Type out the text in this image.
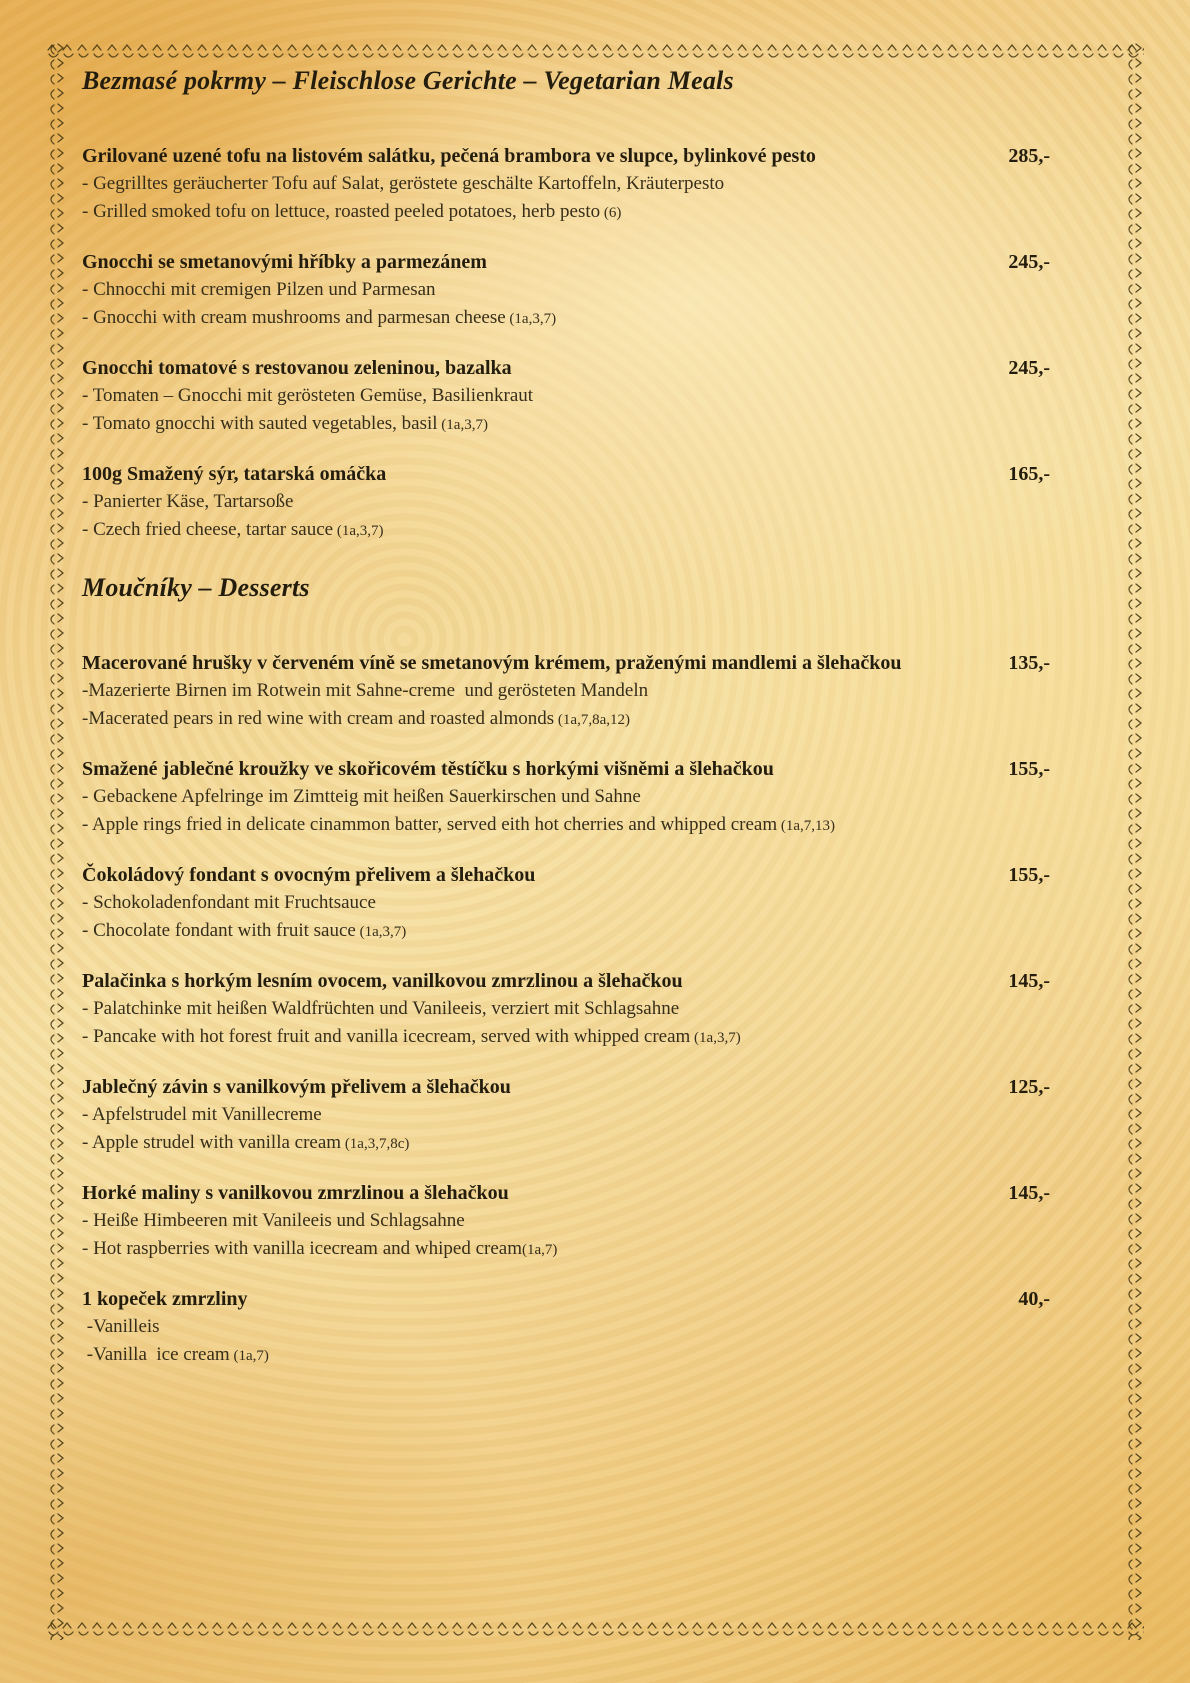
Bezmasé pokrmy – Fleischlose Gerichte – Vegetarian Meals
Grilované uzené tofu na listovém salátku, pečená brambora ve slupce, bylinkové pesto	285,-

- Gegrilltes geräucherter Tofu auf Salat, geröstete geschälte Kartoffeln, Kräuterpesto

- Grilled smoked tofu on lettuce, roasted peeled potatoes, herb pesto (6)

Gnocchi se smetanovými hříbky a parmezánem	245,-

- Chnocchi mit cremigen Pilzen und Parmesan

- Gnocchi with cream mushrooms and parmesan cheese (1a,3,7)

Gnocchi tomatové s restovanou zeleninou, bazalka	245,-

- Tomaten – Gnocchi mit gerösteten Gemüse, Basilienkraut

- Tomato gnocchi with sauted vegetables, basil (1a,3,7)

100g Smažený sýr, tatarská omáčka	165,-

- Panierter Käse, Tartarsoße

- Czech fried cheese, tartar sauce (1a,3,7)

Moučníky – Desserts
Macerované hrušky v červeném víně se smetanovým krémem, praženými mandlemi a šlehačkou	135,-

-Mazerierte Birnen im Rotwein mit Sahne-creme  und gerösteten Mandeln

-Macerated pears in red wine with cream and roasted almonds (1a,7,8a,12)

Smažené jablečné kroužky ve skořicovém těstíčku s horkými višněmi a šlehačkou	155,-

- Gebackene Apfelringe im Zimtteig mit heißen Sauerkirschen und Sahne

- Apple rings fried in delicate cinammon batter, served eith hot cherries and whipped cream (1a,7,13)

Čokoládový fondant s ovocným přelivem a šlehačkou	155,-

- Schokoladenfondant mit Fruchtsauce

- Chocolate fondant with fruit sauce (1a,3,7)

Palačinka s horkým lesním ovocem, vanilkovou zmrzlinou a šlehačkou	145,-

- Palatchinke mit heißen Waldfrüchten und Vanileeis, verziert mit Schlagsahne

- Pancake with hot forest fruit and vanilla icecream, served with whipped cream (1a,3,7)

Jablečný závin s vanilkovým přelivem a šlehačkou	125,-

- Apfelstrudel mit Vanillecreme

- Apple strudel with vanilla cream (1a,3,7,8c)

Horké maliny s vanilkovou zmrzlinou a šlehačkou	145,-

- Heiße Himbeeren mit Vanileeis und Schlagsahne

- Hot raspberries with vanilla icecream and whiped cream(1a,7)

1 kopeček zmrzliny	40,-

-Vanilleis

-Vanilla  ice cream (1a,7)
